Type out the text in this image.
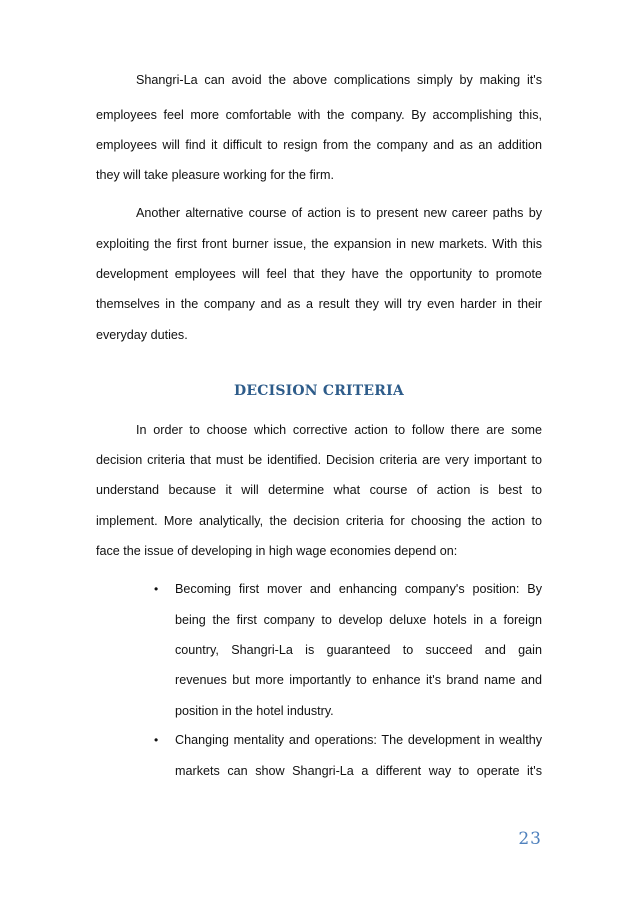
Shangri-La can avoid the above complications simply by making it's
employees feel more comfortable with the company. By accomplishing this,
employees will find it difficult to resign from the company and as an addition
they will take pleasure working for the firm.
Another alternative course of action is to present new career paths by
exploiting the first front burner issue, the expansion in new markets. With this
development employees will feel that they have the opportunity to promote
themselves in the company and as a result they will try even harder in their
everyday duties.
DECISION CRITERIA
In order to choose which corrective action to follow there are some
decision criteria that must be identified. Decision criteria are very important to
understand because it will determine what course of action is best to
implement. More analytically, the decision criteria for choosing the action to
face the issue of developing in high wage economies depend on:
• Becoming first mover and enhancing company's position: By
being the first company to develop deluxe hotels in a foreign
country, Shangri-La is guaranteed to succeed and gain
revenues but more importantly to enhance it's brand name and
position in the hotel industry.
• Changing mentality and operations: The development in wealthy
markets can show Shangri-La a different way to operate it's
23
